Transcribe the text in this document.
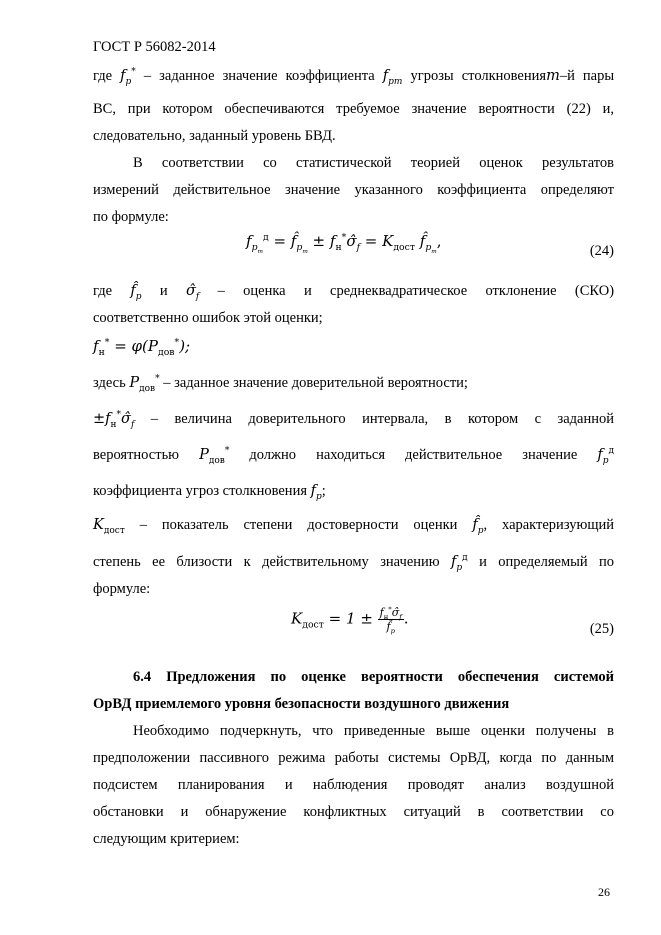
ГОСТ Р 56082-2014
где $f_p^*$ – заданное значение коэффициента $f_{pm}$ угрозы столкновенияm–й пары
ВС, при котором обеспечиваются требуемое значение вероятности (22) и,
следовательно, заданный уровень БВД.
В соответствии со статистической теорией оценок результатов
измерений действительное значение указанного коэффициента определяют
по формуле:
$f_{p_m}^д$ = $f̂_{p_m}$ ± $f_н^*\sigmâ_f = K_{дост}$ $f̂_{p_m}$,
(24)
где $f̂_p$ и $\sigmâ_f$ – оценка и среднеквадратическое отклонение (СКО)
соответственно ошибок этой оценки;
$f_н^* = \varphi(P_{дов}^*)$;
здесь $P_{дов}^*$ – заданное значение доверительной вероятности;
$\pm f_н^*\sigmâ_f$ – величина доверительного интервала, в котором с заданной
вероятностью $P_{дов}^*$ должно находиться действительное значение $f_p^д$
коэффициента угроз столкновения $f_p$;
$K_{дост}$ – показатель степени достоверности оценки $f̂_p$, характеризующий
степень ее близости к действительному значению $f_p^д$ и определяемый по
формуле:
$K_{дост} = 1 \pm \frac{f_н^*\sigmâ_f}{f̂_p}$ .
(25)
6.4 Предложения по оценке вероятности обеспечения системой
ОрВД приемлемого уровня безопасности воздушного движения
Необходимо подчеркнуть, что приведенные выше оценки получены в
предположении пассивного режима работы системы ОрВД, когда по данным
подсистем планирования и наблюдения проводят анализ воздушной
обстановки и обнаружение конфликтных ситуаций в соответствии со
следующим критерием:
26
